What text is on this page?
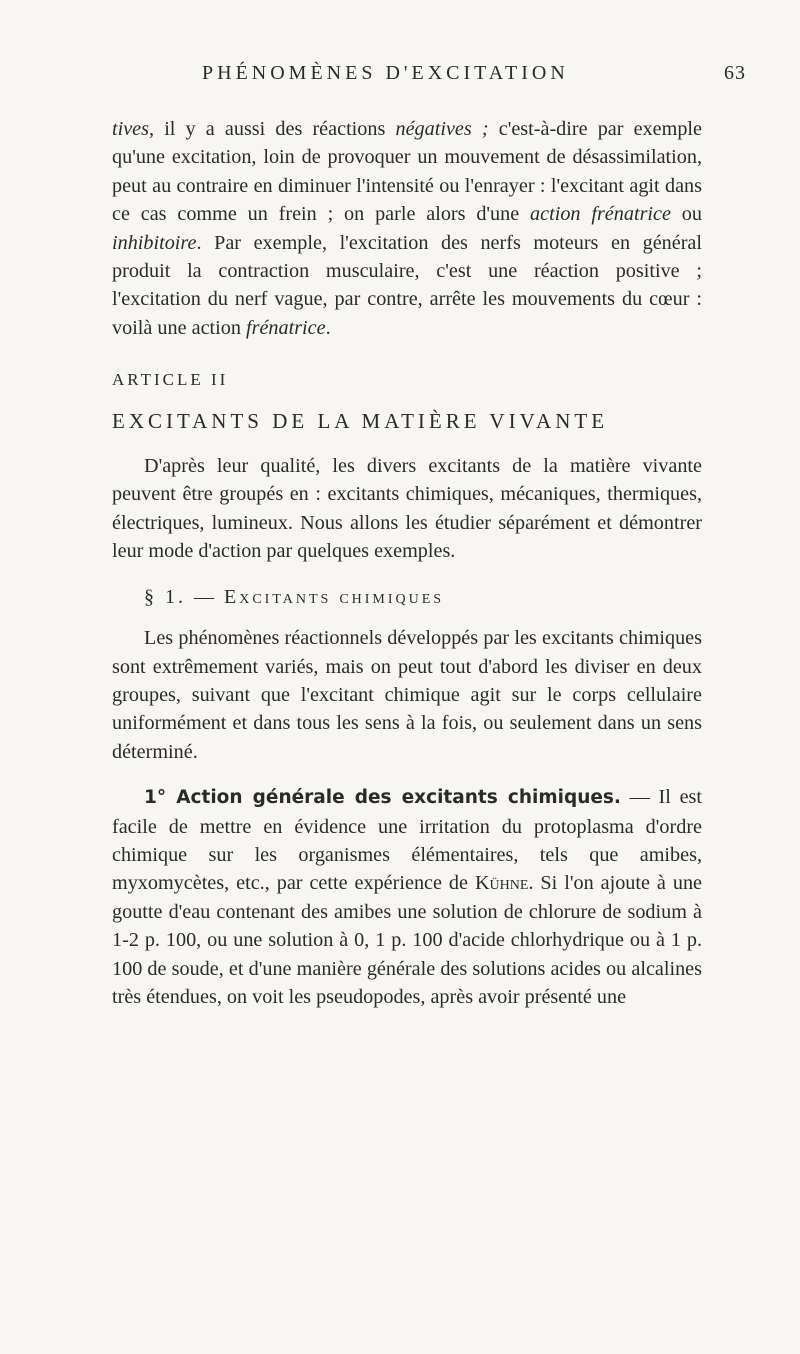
PHÉNOMÈNES D'EXCITATION	63

tives, il y a aussi des réactions négatives ; c'est-à-dire par exemple qu'une excitation, loin de provoquer un mouvement de désassimilation, peut au contraire en diminuer l'intensité ou l'enrayer : l'excitant agit dans ce cas comme un frein ; on parle alors d'une action frénatrice ou inhibitoire. Par exemple, l'excitation des nerfs moteurs en général produit la contraction musculaire, c'est une réaction positive ; l'excitation du nerf vague, par contre, arrête les mouvements du cœur : voilà une action frénatrice.

ARTICLE II

EXCITANTS DE LA MATIÈRE VIVANTE

D'après leur qualité, les divers excitants de la matière vivante peuvent être groupés en : excitants chimiques, mécaniques, thermiques, électriques, lumineux. Nous allons les étudier séparément et démontrer leur mode d'action par quelques exemples.

§ 1. — Excitants chimiques

Les phénomènes réactionnels développés par les excitants chimiques sont extrêmement variés, mais on peut tout d'abord les diviser en deux groupes, suivant que l'excitant chimique agit sur le corps cellulaire uniformément et dans tous les sens à la fois, ou seulement dans un sens déterminé.

1° Action générale des excitants chimiques. — Il est facile de mettre en évidence une irritation du protoplasma d'ordre chimique sur les organismes élémentaires, tels que amibes, myxomycètes, etc., par cette expérience de Kühne. Si l'on ajoute à une goutte d'eau contenant des amibes une solution de chlorure de sodium à 1-2 p. 100, ou une solution à 0, 1 p. 100 d'acide chlorhydrique ou à 1 p. 100 de soude, et d'une manière générale des solutions acides ou alcalines très étendues, on voit les pseudopodes, après avoir présenté une
